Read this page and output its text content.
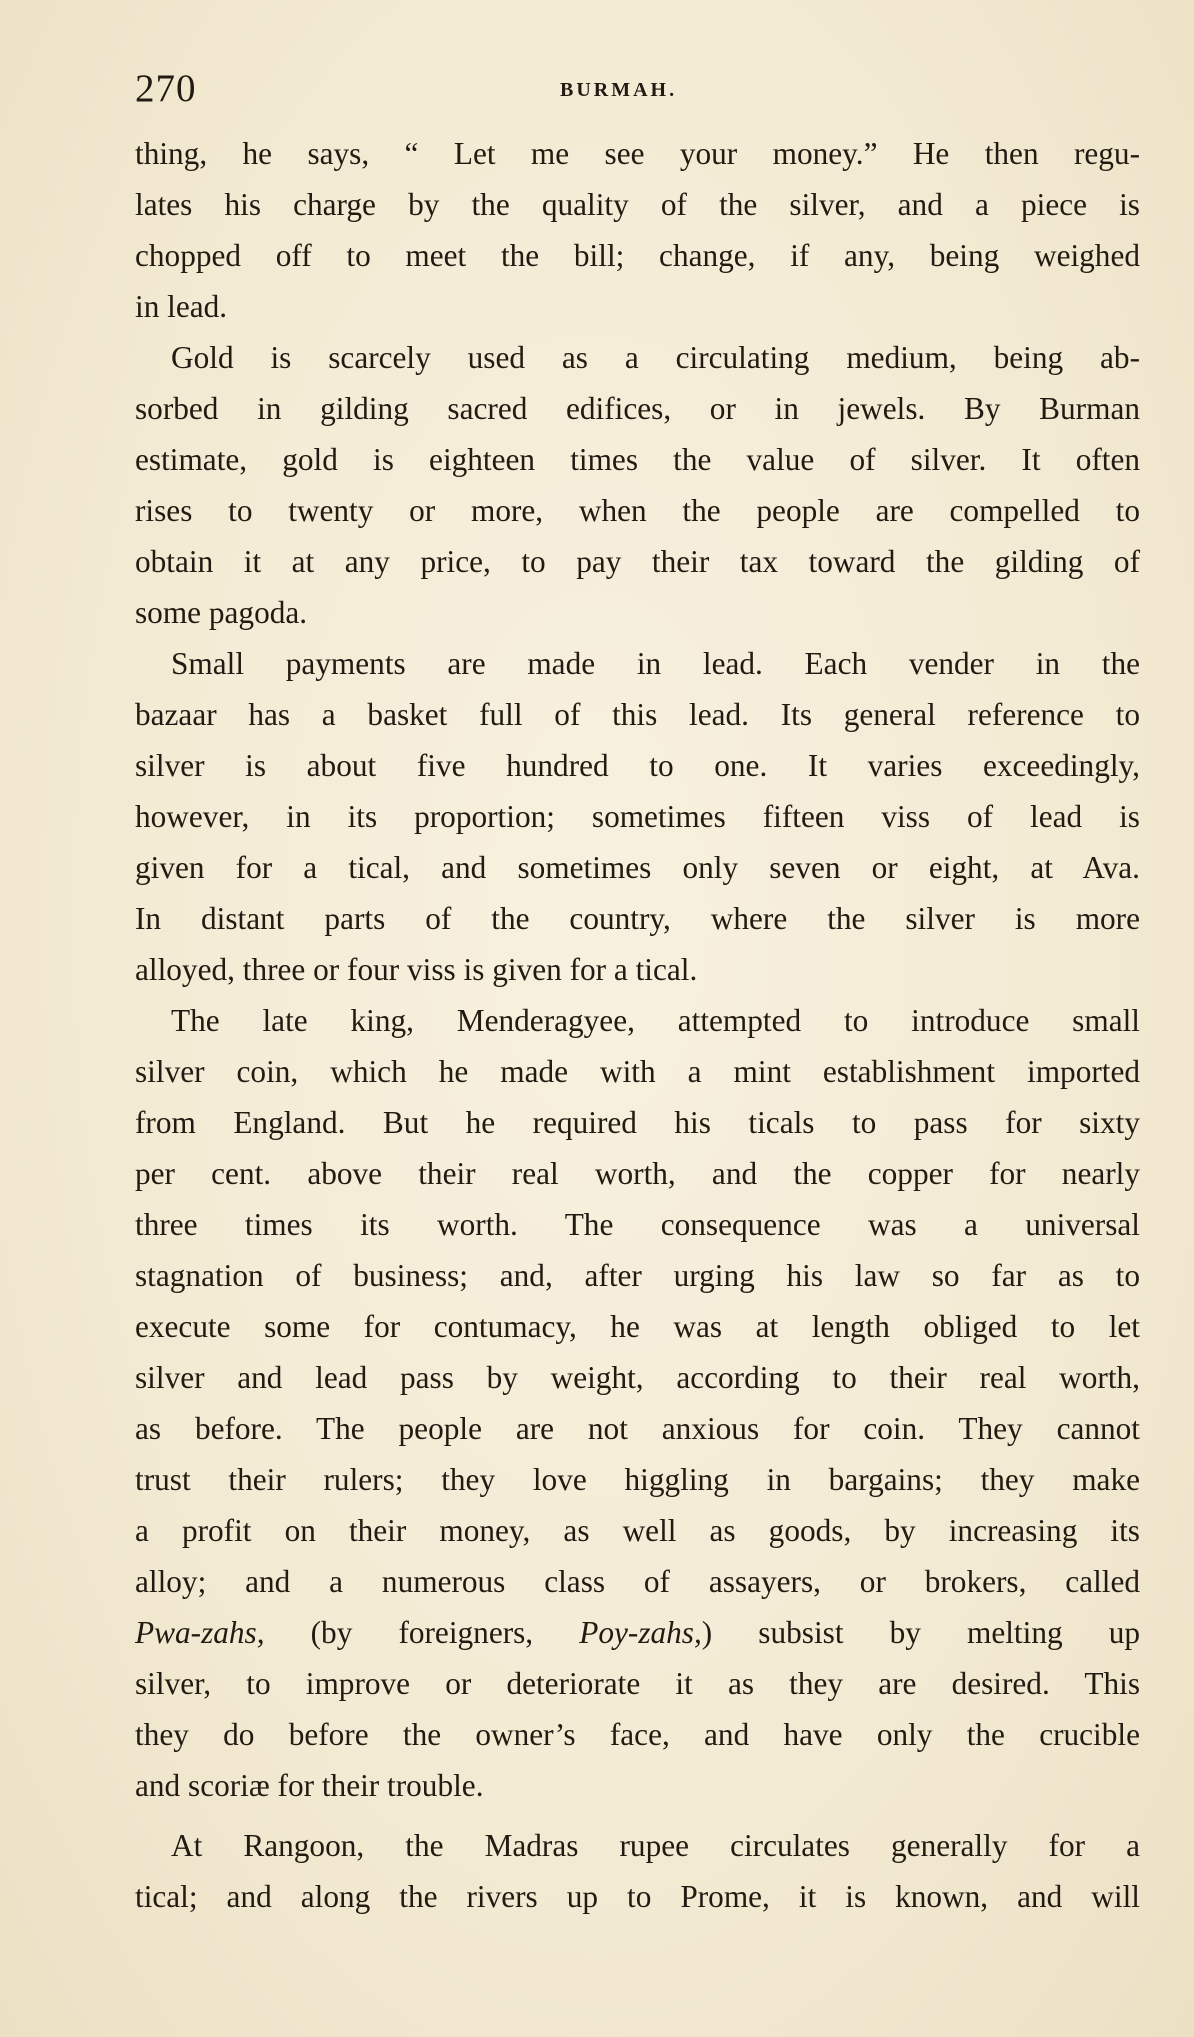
270	BURMAH.
thing, he says, “ Let me see your money.” He then regu-
lates his charge by the quality of the silver, and a piece is
chopped off to meet the bill; change, if any, being weighed
in lead.
Gold is scarcely used as a circulating medium, being ab-
sorbed in gilding sacred edifices, or in jewels. By Burman
estimate, gold is eighteen times the value of silver. It often
rises to twenty or more, when the people are compelled to
obtain it at any price, to pay their tax toward the gilding of
some pagoda.
Small payments are made in lead. Each vender in the
bazaar has a basket full of this lead. Its general reference to
silver is about five hundred to one. It varies exceedingly,
however, in its proportion; sometimes fifteen viss of lead is
given for a tical, and sometimes only seven or eight, at Ava.
In distant parts of the country, where the silver is more
alloyed, three or four viss is given for a tical.
The late king, Menderagyee, attempted to introduce small
silver coin, which he made with a mint establishment imported
from England. But he required his ticals to pass for sixty
per cent. above their real worth, and the copper for nearly
three times its worth. The consequence was a universal
stagnation of business; and, after urging his law so far as to
execute some for contumacy, he was at length obliged to let
silver and lead pass by weight, according to their real worth,
as before. The people are not anxious for coin. They cannot
trust their rulers; they love higgling in bargains; they make
a profit on their money, as well as goods, by increasing its
alloy; and a numerous class of assayers, or brokers, called
Pwa-zahs, (by foreigners, Poy-zahs,) subsist by melting up
silver, to improve or deteriorate it as they are desired. This
they do before the owner’s face, and have only the crucible
and scoriæ for their trouble.
At Rangoon, the Madras rupee circulates generally for a
tical; and along the rivers up to Prome, it is known, and will
